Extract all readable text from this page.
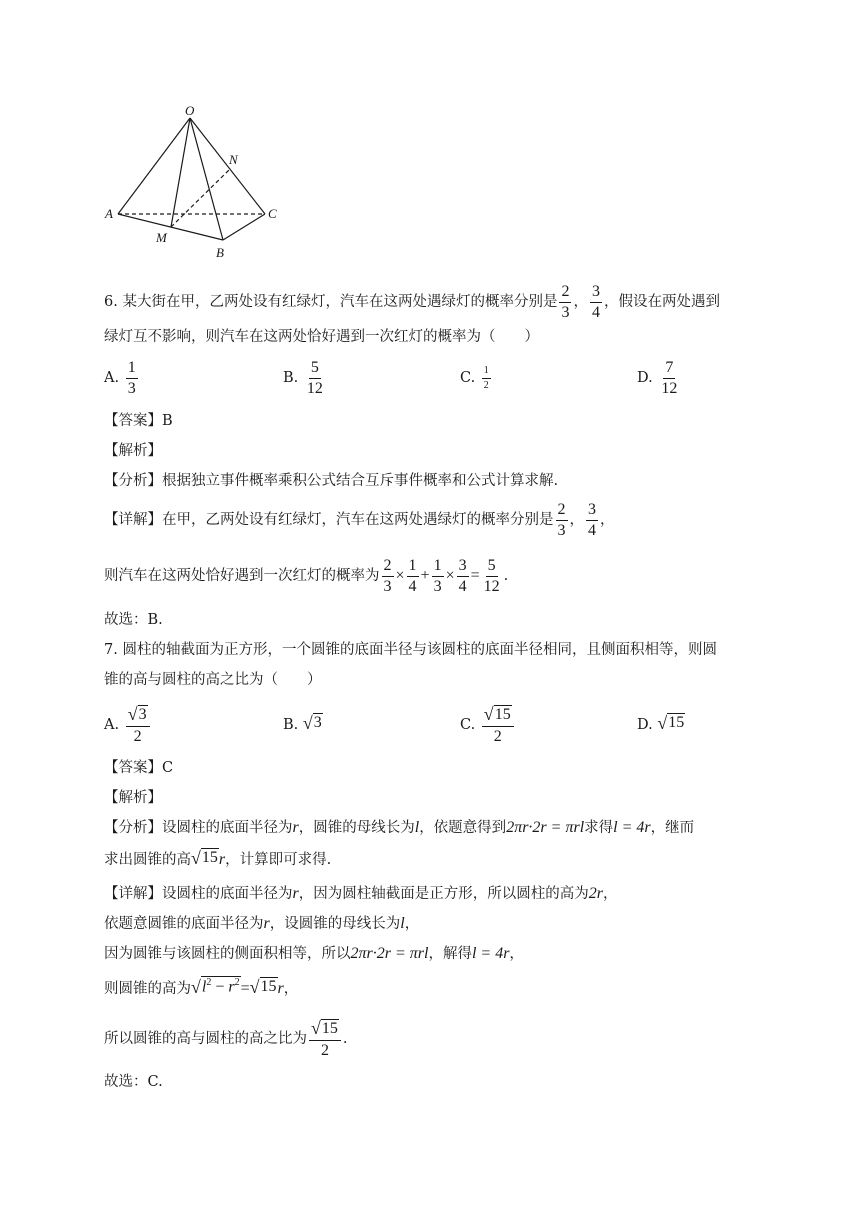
O
N
A	C
M
B
6. 某大街在甲，乙两处设有红绿灯，汽车在这两处遇绿灯的概率分别是 $\frac{2}{3}$ ， $\frac{3}{4}$ ，假设在两处遇到
绿灯互不影响，则汽车在这两处恰好遇到一次红灯的概率为（　　）
A. $\frac{1}{3}$	B. $\frac{5}{12}$	C. $\frac{1}{2}$	D. $\frac{7}{12}$
【答案】B
【解析】
【分析】根据独立事件概率乘积公式结合互斥事件概率和公式计算求解.
【详解】在甲，乙两处设有红绿灯，汽车在这两处遇绿灯的概率分别是 $\frac{2}{3}$ ， $\frac{3}{4}$ ，
则汽车在这两处恰好遇到一次红灯的概率为 $\frac{2}{3} \times \frac{1}{4} + \frac{1}{3} \times \frac{3}{4} = \frac{5}{12}$ .
故选：B.
7. 圆柱的轴截面为正方形，一个圆锥的底面半径与该圆柱的底面半径相同，且侧面积相等，则圆
锥的高与圆柱的高之比为（　　）
A. $\frac{√ 3}{2}$	B. √ 3	C. $\frac{√ 15}{2}$	D. √ 15
【答案】C
【解析】
【分析】设圆柱的底面半径为r，圆锥的母线长为l，依题意得到2πr·2r = πrl求得l = 4r，继而
求出圆锥的高 √ 15 r，计算即可求得.
【详解】设圆柱的底面半径为r，因为圆柱轴截面是正方形，所以圆柱的高为2r，
依题意圆锥的底面半径为r，设圆锥的母线长为l，
因为圆锥与该圆柱的侧面积相等，所以2πr·2r = πrl，解得l = 4r，
则圆锥的高为 √ $l^2 - r^2$ = √ 15 r，
所以圆锥的高与圆柱的高之比为 $\frac{√ 15}{2}$ .
故选：C.
